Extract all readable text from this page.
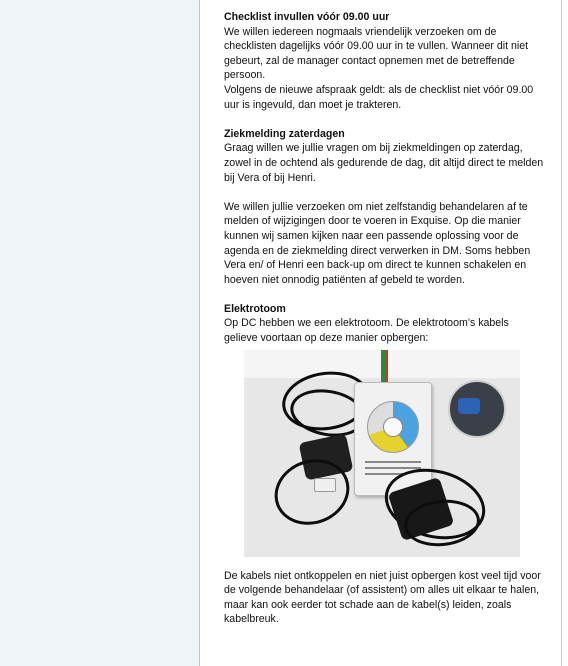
Checklist invullen vóór 09.00 uur

We willen iedereen nogmaals vriendelijk verzoeken om de checklisten dagelijks vóór 09.00 uur in te vullen. Wanneer dit niet gebeurt, zal de manager contact opnemen met de betreffende persoon.

Volgens de nieuwe afspraak geldt: als de checklist niet vóór 09.00 uur is ingevuld, dan moet je trakteren.

Ziekmelding zaterdagen

Graag willen we jullie vragen om bij ziekmeldingen op zaterdag, zowel in de ochtend als gedurende de dag, dit altijd direct te melden bij Vera of bij Henri.

We willen jullie verzoeken om niet zelfstandig behandelaren af te melden of wijzigingen door te voeren in Exquise. Op die manier kunnen wij samen kijken naar een passende oplossing voor de agenda en de ziekmelding direct verwerken in DM. Soms hebben Vera en/ of Henri een back-up om direct te kunnen schakelen en hoeven niet onnodig patiënten af gebeld te worden.

Elektrotoom

Op DC hebben we een elektrotoom. De elektrotoom’s kabels gelieve voortaan op deze manier opbergen:

De kabels niet ontkoppelen en niet juist opbergen kost veel tijd voor de volgende behandelaar (of assistent) om alles uit elkaar te halen, maar kan ook eerder tot schade aan de kabel(s) leiden, zoals kabelbreuk.
